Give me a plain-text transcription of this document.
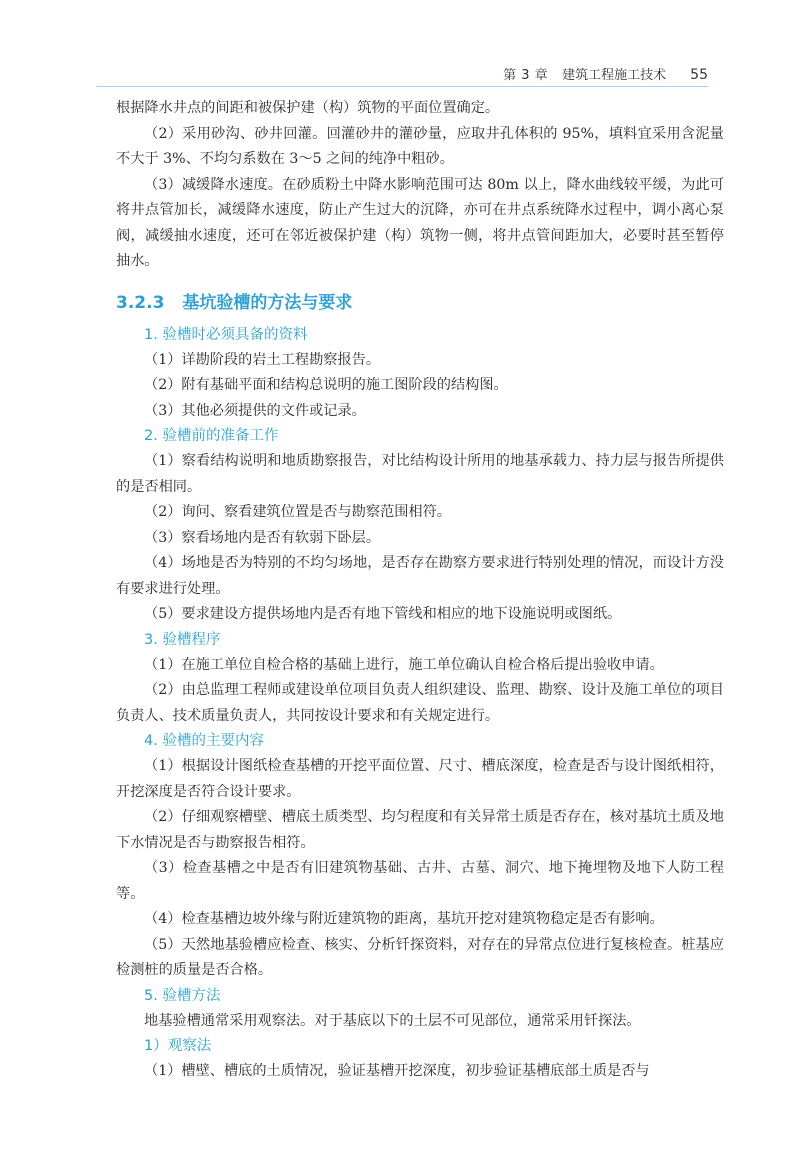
第 3 章 建筑工程施工技术 55

根据降水井点的间距和被保护建（构）筑物的平面位置确定。

（2）采用砂沟、砂井回灌。回灌砂井的灌砂量，应取井孔体积的 95%，填料宜采用含泥量不大于 3%、不均匀系数在 3～5 之间的纯净中粗砂。

（3）减缓降水速度。在砂质粉土中降水影响范围可达 80m 以上，降水曲线较平缓，为此可将井点管加长，减缓降水速度，防止产生过大的沉降，亦可在井点系统降水过程中，调小离心泵阀，减缓抽水速度，还可在邻近被保护建（构）筑物一侧，将井点管间距加大，必要时甚至暂停抽水。

3.2.3 基坑验槽的方法与要求

1. 验槽时必须具备的资料

（1）详勘阶段的岩土工程勘察报告。

（2）附有基础平面和结构总说明的施工图阶段的结构图。

（3）其他必须提供的文件或记录。

2. 验槽前的准备工作

（1）察看结构说明和地质勘察报告，对比结构设计所用的地基承载力、持力层与报告所提供的是否相同。

（2）询问、察看建筑位置是否与勘察范围相符。

（3）察看场地内是否有软弱下卧层。

（4）场地是否为特别的不均匀场地，是否存在勘察方要求进行特别处理的情况，而设计方没有要求进行处理。

（5）要求建设方提供场地内是否有地下管线和相应的地下设施说明或图纸。

3. 验槽程序

（1）在施工单位自检合格的基础上进行，施工单位确认自检合格后提出验收申请。

（2）由总监理工程师或建设单位项目负责人组织建设、监理、勘察、设计及施工单位的项目负责人、技术质量负责人，共同按设计要求和有关规定进行。

4. 验槽的主要内容

（1）根据设计图纸检查基槽的开挖平面位置、尺寸、槽底深度，检查是否与设计图纸相符，开挖深度是否符合设计要求。

（2）仔细观察槽壁、槽底土质类型、均匀程度和有关异常土质是否存在，核对基坑土质及地下水情况是否与勘察报告相符。

（3）检查基槽之中是否有旧建筑物基础、古井、古墓、洞穴、地下掩埋物及地下人防工程等。

（4）检查基槽边坡外缘与附近建筑物的距离，基坑开挖对建筑物稳定是否有影响。

（5）天然地基验槽应检查、核实、分析钎探资料，对存在的异常点位进行复核检查。桩基应检测桩的质量是否合格。

5. 验槽方法

地基验槽通常采用观察法。对于基底以下的土层不可见部位，通常采用钎探法。

1）观察法

（1）槽壁、槽底的土质情况，验证基槽开挖深度，初步验证基槽底部土质是否与
